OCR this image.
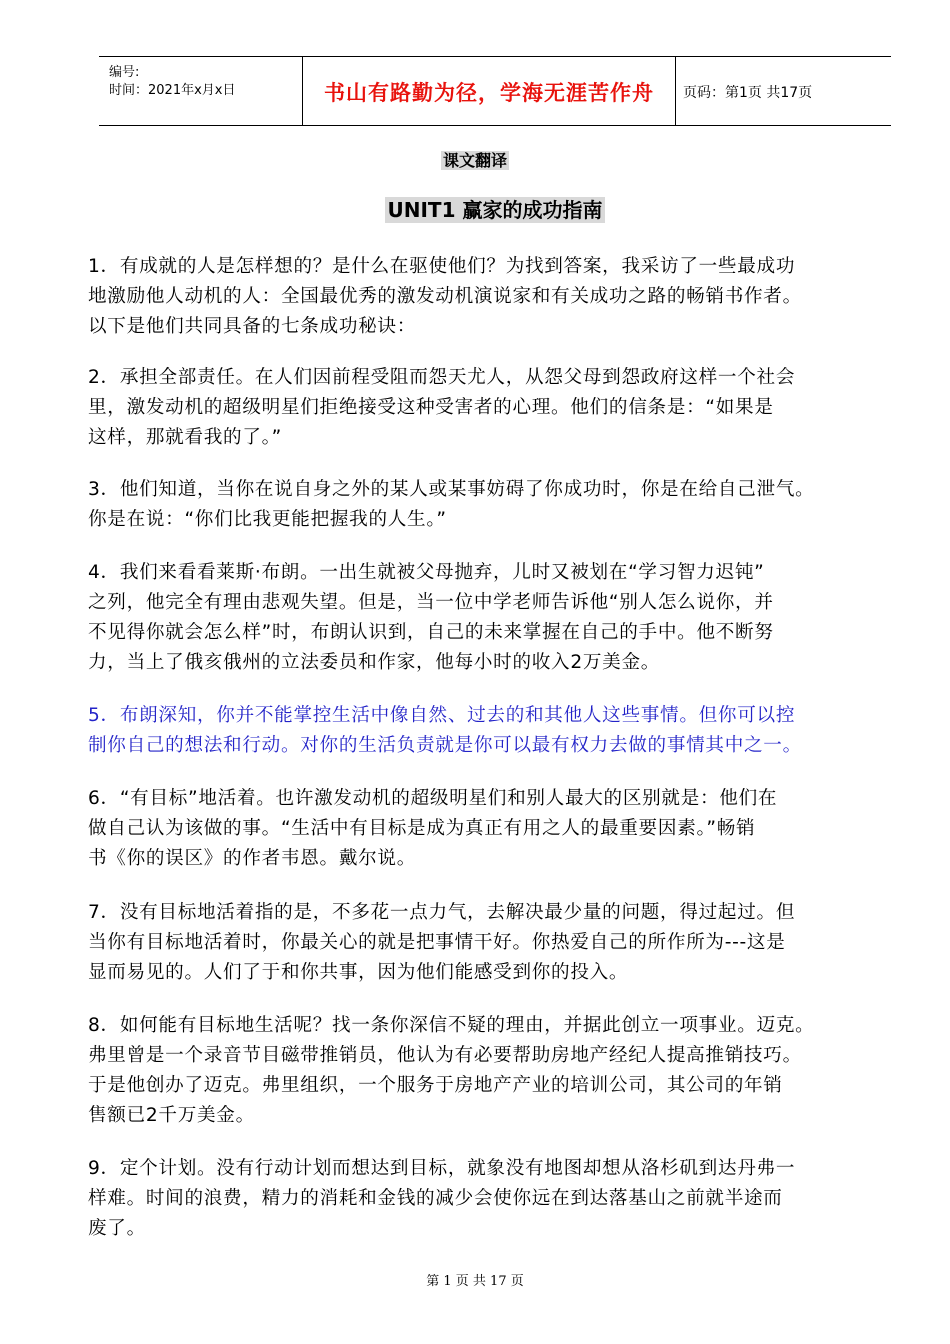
编号:
时间：2021年x月x日	书山有路勤为径，学海无涯苦作舟	页码：第1页 共17页
课文翻译
UNIT1 赢家的成功指南
1．有成就的人是怎样想的？是什么在驱使他们？为找到答案，我采访了一些最成功
地激励他人动机的人：全国最优秀的激发动机演说家和有关成功之路的畅销书作者。
以下是他们共同具备的七条成功秘诀：
2．承担全部责任。在人们因前程受阻而怨天尤人，从怨父母到怨政府这样一个社会
里，激发动机的超级明星们拒绝接受这种受害者的心理。他们的信条是：“如果是
这样，那就看我的了。”
3．他们知道，当你在说自身之外的某人或某事妨碍了你成功时，你是在给自己泄气。
你是在说：“你们比我更能把握我的人生。”
4．我们来看看莱斯·布朗。一出生就被父母抛弃，儿时又被划在“学习智力迟钝”
之列，他完全有理由悲观失望。但是，当一位中学老师告诉他“别人怎么说你，并
不见得你就会怎么样”时，布朗认识到，自己的未来掌握在自己的手中。他不断努
力，当上了俄亥俄州的立法委员和作家，他每小时的收入2万美金。
5．布朗深知，你并不能掌控生活中像自然、过去的和其他人这些事情。但你可以控
制你自己的想法和行动。对你的生活负责就是你可以最有权力去做的事情其中之一。
6．“有目标”地活着。也许激发动机的超级明星们和别人最大的区别就是：他们在
做自己认为该做的事。“生活中有目标是成为真正有用之人的最重要因素。”畅销
书《你的误区》的作者韦恩。戴尔说。
7．没有目标地活着指的是，不多花一点力气，去解决最少量的问题，得过起过。但
当你有目标地活着时，你最关心的就是把事情干好。你热爱自己的所作所为---这是
显而易见的。人们了于和你共事，因为他们能感受到你的投入。
8．如何能有目标地生活呢？找一条你深信不疑的理由，并据此创立一项事业。迈克。
弗里曾是一个录音节目磁带推销员，他认为有必要帮助房地产经纪人提高推销技巧。
于是他创办了迈克。弗里组织，一个服务于房地产产业的培训公司，其公司的年销
售额已2千万美金。
9．定个计划。没有行动计划而想达到目标，就象没有地图却想从洛杉矶到达丹弗一
样难。时间的浪费，精力的消耗和金钱的减少会使你远在到达落基山之前就半途而
废了。
第 1 页 共 17 页
